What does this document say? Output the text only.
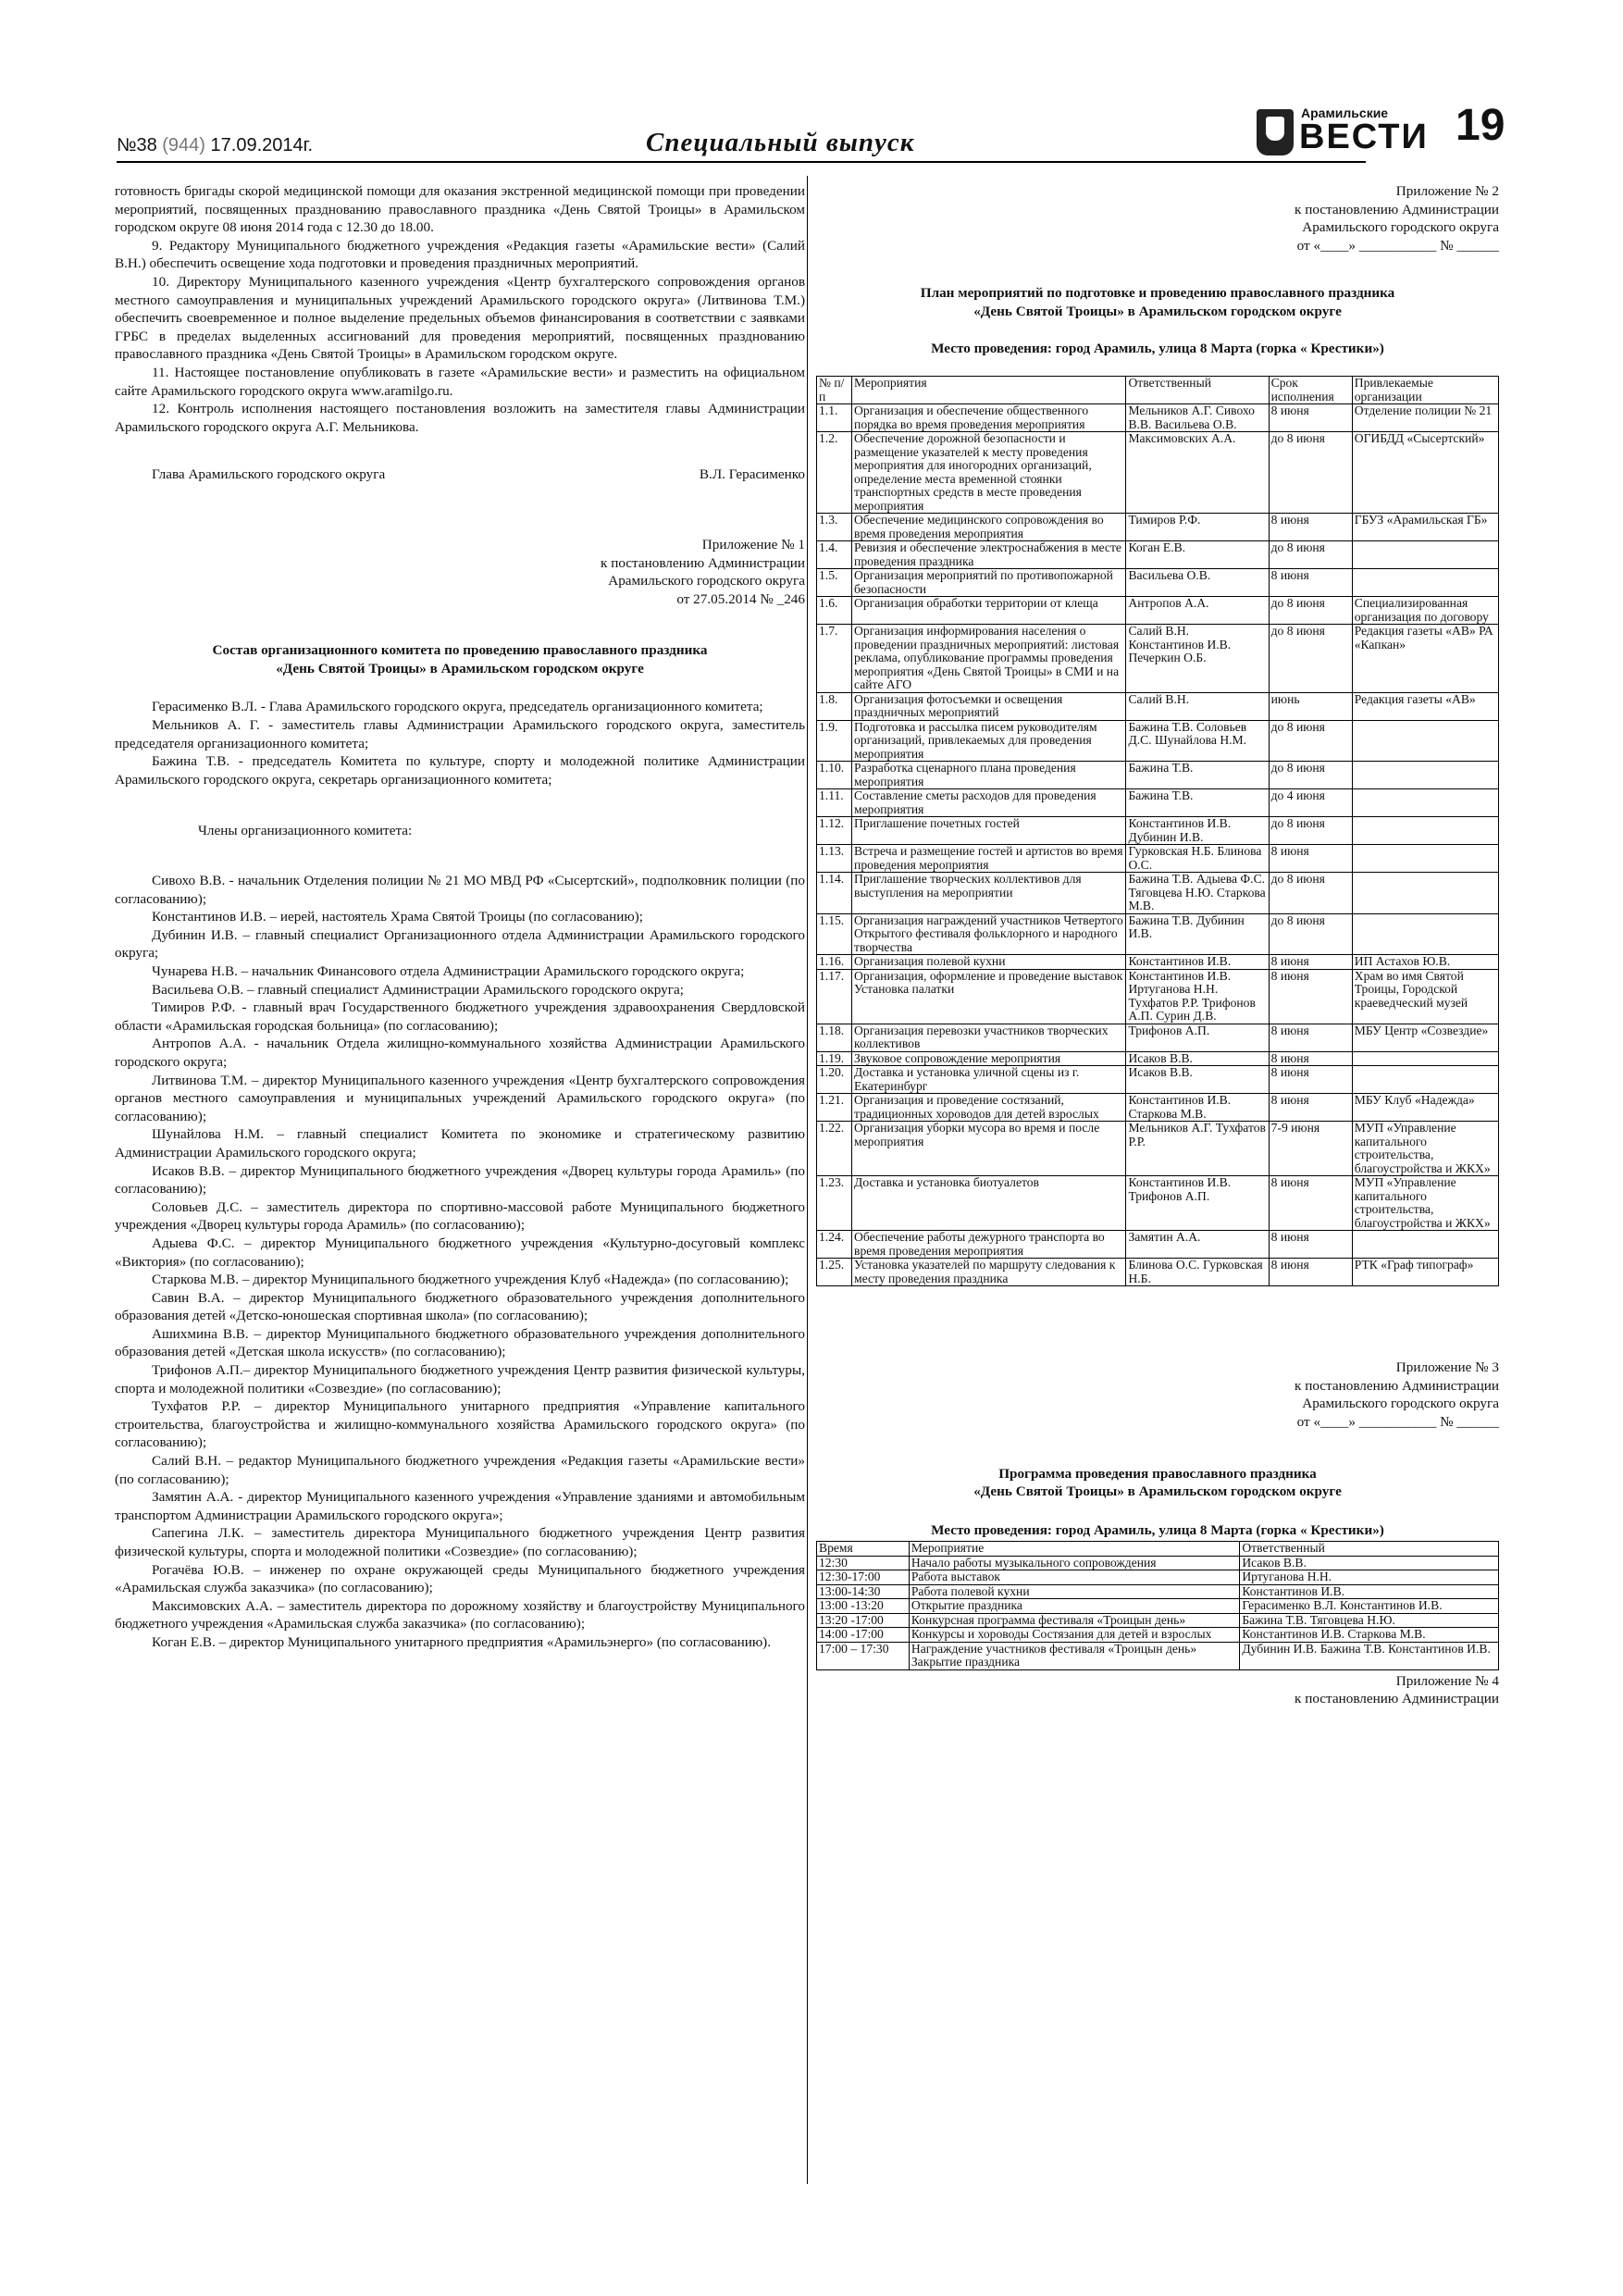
№38 (944) 17.09.2014г.	Специальный выпуск
Арамильские
ВЕСТИ 19

готовность бригады скорой медицинской помощи для оказания экстренной медицинской помощи при проведении мероприятий, посвященных празднованию православного праздника «День Святой Троицы» в Арамильском городском округе 08 июня 2014 года с 12.30 до 18.00.

9. Редактору Муниципального бюджетного учреждения «Редакция газеты «Арамильские вести» (Салий В.Н.) обеспечить освещение хода подготовки и проведения праздничных мероприятий.

10. Директору Муниципального казенного учреждения «Центр бухгалтерского сопровождения органов местного самоуправления и муниципальных учреждений Арамильского городского округа» (Литвинова Т.М.) обеспечить своевременное и полное выделение предельных объемов финансирования в соответствии с заявками ГРБС в пределах выделенных ассигнований для проведения мероприятий, посвященных празднованию православного праздника «День Святой Троицы» в Арамильском городском округе.

11. Настоящее постановление опубликовать в газете «Арамильские вести» и разместить на официальном сайте Арамильского городского округа www.aramilgo.ru.

12. Контроль исполнения настоящего постановления возложить на заместителя главы Администрации Арамильского городского округа А.Г. Мельникова.

Глава Арамильского городского округа	В.Л. Герасименко
Приложение № 1
к постановлению Администрации
Арамильского городского округа
от 27.05.2014 № _246
Состав организационного комитета по проведению православного праздника
«День Святой Троицы» в Арамильском городском округе

Герасименко В.Л. - Глава Арамильского городского округа, председатель организационного комитета;

Мельников А. Г. - заместитель главы Администрации Арамильского городского округа, заместитель председателя организационного комитета;

Бажина Т.В. - председатель Комитета по культуре, спорту и молодежной политике Администрации Арамильского городского округа, секретарь организационного комитета;

Члены организационного комитета:

Сивохо В.В. - начальник Отделения полиции № 21 МО МВД РФ «Сысертский», подполковник полиции (по согласованию);

Константинов И.В. – иерей, настоятель Храма Святой Троицы (по согласованию);

Дубинин И.В. – главный специалист Организационного отдела Администрации Арамильского городского округа;

Чунарева Н.В. – начальник Финансового отдела Администрации Арамильского городского округа;

Васильева О.В. – главный специалист Администрации Арамильского городского округа;

Тимиров Р.Ф. - главный врач Государственного бюджетного учреждения здравоохранения Свердловской области «Арамильская городская больница» (по согласованию);

Антропов А.А. - начальник Отдела жилищно-коммунального хозяйства Администрации Арамильского городского округа;

Литвинова Т.М. – директор Муниципального казенного учреждения «Центр бухгалтерского сопровождения органов местного самоуправления и муниципальных учреждений Арамильского городского округа» (по согласованию);

Шунайлова Н.М. – главный специалист Комитета по экономике и стратегическому развитию Администрации Арамильского городского округа;

Исаков В.В. – директор Муниципального бюджетного учреждения «Дворец культуры города Арамиль» (по согласованию);

Соловьев Д.С. – заместитель директора по спортивно-массовой работе Муниципального бюджетного учреждения «Дворец культуры города Арамиль» (по согласованию);

Адыева Ф.С. – директор Муниципального бюджетного учреждения «Культурно-досуговый комплекс «Виктория» (по согласованию);

Старкова М.В. – директор Муниципального бюджетного учреждения Клуб «Надежда» (по согласованию);

Савин В.А. – директор Муниципального бюджетного образовательного учреждения дополнительного образования детей «Детско-юношеская спортивная школа» (по согласованию);

Ашихмина В.В. – директор Муниципального бюджетного образовательного учреждения дополнительного образования детей «Детская школа искусств» (по согласованию);

Трифонов А.П.– директор Муниципального бюджетного учреждения Центр развития физической культуры, спорта и молодежной политики «Созвездие» (по согласованию);

Тухфатов Р.Р. – директор Муниципального унитарного предприятия «Управление капитального строительства, благоустройства и жилищно-коммунального хозяйства Арамильского городского округа» (по согласованию);

Салий В.Н. – редактор Муниципального бюджетного учреждения «Редакция газеты «Арамильские вести» (по согласованию);

Замятин А.А. - директор Муниципального казенного учреждения «Управление зданиями и автомобильным транспортом Администрации Арамильского городского округа»;

Сапегина Л.К. – заместитель директора Муниципального бюджетного учреждения Центр развития физической культуры, спорта и молодежной политики «Созвездие» (по согласованию);

Рогачёва Ю.В. – инженер по охране окружающей среды Муниципального бюджетного учреждения «Арамильская служба заказчика» (по согласованию);

Максимовских А.А. – заместитель директора по дорожному хозяйству и благоустройству Муниципального бюджетного учреждения «Арамильская служба заказчика» (по согласованию);

Коган Е.В. – директор Муниципального унитарного предприятия «Арамильэнерго» (по согласованию).

Приложение № 2
к постановлению Администрации
Арамильского городского округа
от «____» ___________ № ______
План мероприятий по подготовке и проведению православного праздника
«День Святой Троицы» в Арамильском городском округе
Место проведения: город Арамиль, улица 8 Марта (горка « Крестики»)
№ п/п	Мероприятия	Ответственный	Срок исполнения	Привлекаемые организации
1.1.	Организация и обеспечение общественного порядка во время проведения мероприятия	Мельников А.Г. Сивохо В.В. Васильева О.В.	8 июня	Отделение полиции № 21
1.2.	Обеспечение дорожной безопасности и размещение указателей к месту проведения мероприятия для иногородних организаций, определение места временной стоянки транспортных средств в месте проведения мероприятия	Максимовских А.А.	до 8 июня	ОГИБДД «Сысертский»
1.3.	Обеспечение медицинского сопровождения во время проведения мероприятия	Тимиров Р.Ф.	8 июня	ГБУЗ «Арамильская ГБ»
1.4.	Ревизия и обеспечение электроснабжения в месте проведения праздника	Коган Е.В.	до 8 июня	
1.5.	Организация мероприятий по противопожарной безопасности	Васильева О.В.	8 июня	
1.6.	Организация обработки территории от клеща	Антропов А.А.	до 8 июня	Специализированная организация по договору
1.7.	Организация информирования населения о проведении праздничных мероприятий: листовая реклама, опубликование программы проведения мероприятия «День Святой Троицы» в СМИ и на сайте АГО	Салий В.Н. Константинов И.В. Печеркин О.Б.	до 8 июня	Редакция газеты «АВ» РА «Капкан»
1.8.	Организация фотосъемки и освещения праздничных мероприятий	Салий В.Н.	июнь	Редакция газеты «АВ»
1.9.	Подготовка и рассылка писем руководителям организаций, привлекаемых для проведения мероприятия	Бажина Т.В. Соловьев Д.С. Шунайлова Н.М.	до 8 июня	
1.10.	Разработка сценарного плана проведения мероприятия	Бажина Т.В.	до 8 июня	
1.11.	Составление сметы расходов для проведения мероприятия	Бажина Т.В.	до 4 июня	
1.12.	Приглашение почетных гостей	Константинов И.В. Дубинин И.В.	до 8 июня	
1.13.	Встреча и размещение гостей и артистов во время проведения мероприятия	Гурковская Н.Б. Блинова О.С.	8 июня	
1.14.	Приглашение творческих коллективов для выступления на мероприятии	Бажина Т.В. Адыева Ф.С. Тяговцева Н.Ю. Старкова М.В.	до 8 июня	
1.15.	Организация награждений участников Четвертого Открытого фестиваля фольклорного и народного творчества	Бажина Т.В. Дубинин И.В.	до 8 июня	
1.16.	Организация полевой кухни	Константинов И.В.	8 июня	ИП Астахов Ю.В.
1.17.	Организация, оформление и проведение выставок Установка палатки	Константинов И.В. Иртуганова Н.Н. Тухфатов Р.Р. Трифонов А.П. Сурин Д.В.	8 июня	Храм во имя Святой Троицы, Городской краеведческий музей
1.18.	Организация перевозки участников творческих коллективов	Трифонов А.П.	8 июня	МБУ Центр «Созвездие»
1.19.	Звуковое сопровождение мероприятия	Исаков В.В.	8 июня	
1.20.	Доставка и установка уличной сцены из г. Екатеринбург	Исаков В.В.	8 июня	
1.21.	Организация и проведение состязаний, традиционных хороводов для детей взрослых	Константинов И.В. Старкова М.В.	8 июня	МБУ Клуб «Надежда»
1.22.	Организация уборки мусора во время и после мероприятия	Мельников А.Г. Тухфатов Р.Р.	7-9 июня	МУП «Управление капитального строительства, благоустройства и ЖКХ»
1.23.	Доставка и установка биотуалетов	Константинов И.В. Трифонов А.П.	8 июня	МУП «Управление капитального строительства, благоустройства и ЖКХ»
1.24.	Обеспечение работы дежурного транспорта во время проведения мероприятия	Замятин А.А.	8 июня	
1.25.	Установка указателей по маршруту следования к месту проведения праздника	Блинова О.С. Гурковская Н.Б.	8 июня	РТК «Граф типограф»
Приложение № 3
к постановлению Администрации
Арамильского городского округа
от «____» ___________ № ______
Программа проведения православного праздника
«День Святой Троицы» в Арамильском городском округе
Место проведения: город Арамиль, улица 8 Марта (горка « Крестики»)
Время	Мероприятие	Ответственный
12:30	Начало работы музыкального сопровождения	Исаков В.В.
12:30-17:00	Работа выставок	Иртуганова Н.Н.
13:00-14:30	Работа полевой кухни	Константинов И.В.
13:00 -13:20	Открытие праздника	Герасименко В.Л. Константинов И.В.
13:20 -17:00	Конкурсная программа фестиваля «Троицын день»	Бажина Т.В. Тяговцева Н.Ю.
14:00 -17:00	Конкурсы и хороводы Состязания для детей и взрослых	Константинов И.В. Старкова М.В.
17:00 – 17:30	Награждение участников фестиваля «Троицын день» Закрытие праздника	Дубинин И.В. Бажина Т.В. Константинов И.В.
Приложение № 4
к постановлению Администрации
